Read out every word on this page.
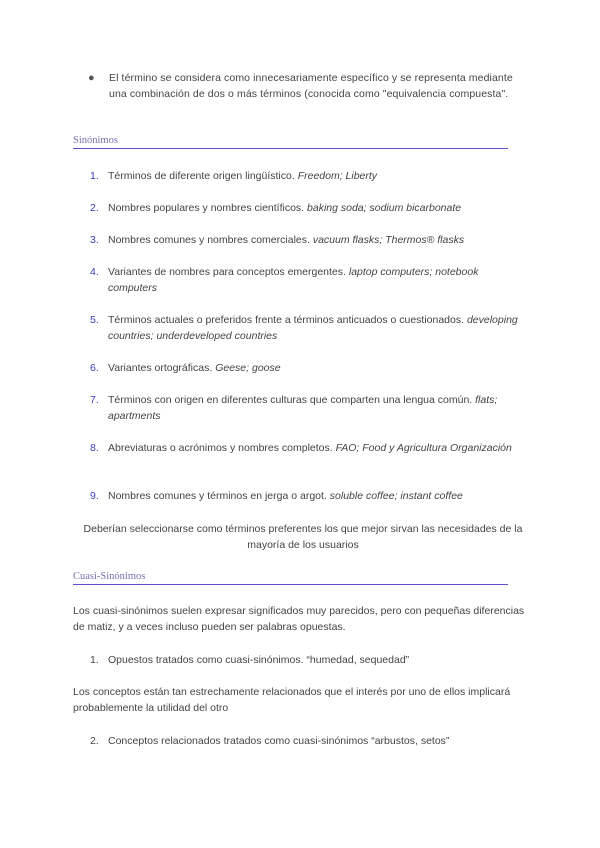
● El término se considera como innecesariamente específico y se representa mediante una combinación de dos o más términos (conocida como "equivalencia compuesta".
Sinónimos
1. Términos de diferente origen lingüístico. Freedom; Liberty
2. Nombres populares y nombres científicos. baking soda; sodium bicarbonate
3. Nombres comunes y nombres comerciales. vacuum flasks; Thermos® flasks
4. Variantes de nombres para conceptos emergentes. laptop computers; notebook computers
5. Términos actuales o preferidos frente a términos anticuados o cuestionados. developing countries; underdeveloped countries
6. Variantes ortográficas. Geese; goose
7. Términos con origen en diferentes culturas que comparten una lengua común. flats; apartments
8. Abreviaturas o acrónimos y nombres completos. FAO; Food y Agricultura Organización
9. Nombres comunes y términos en jerga o argot. soluble coffee; instant coffee
Deberían seleccionarse como términos preferentes los que mejor sirvan las necesidades de la mayoría de los usuarios
Cuasi-Sinónimos
Los cuasi-sinónimos suelen expresar significados muy parecidos, pero con pequeñas diferencias de matiz, y a veces incluso pueden ser palabras opuestas.
1. Opuestos tratados como cuasi-sinónimos. “humedad, sequedad”
Los conceptos están tan estrechamente relacionados que el interés por uno de ellos implicará probablemente la utilidad del otro
2. Conceptos relacionados tratados como cuasi-sinónimos “arbustos, setos”
